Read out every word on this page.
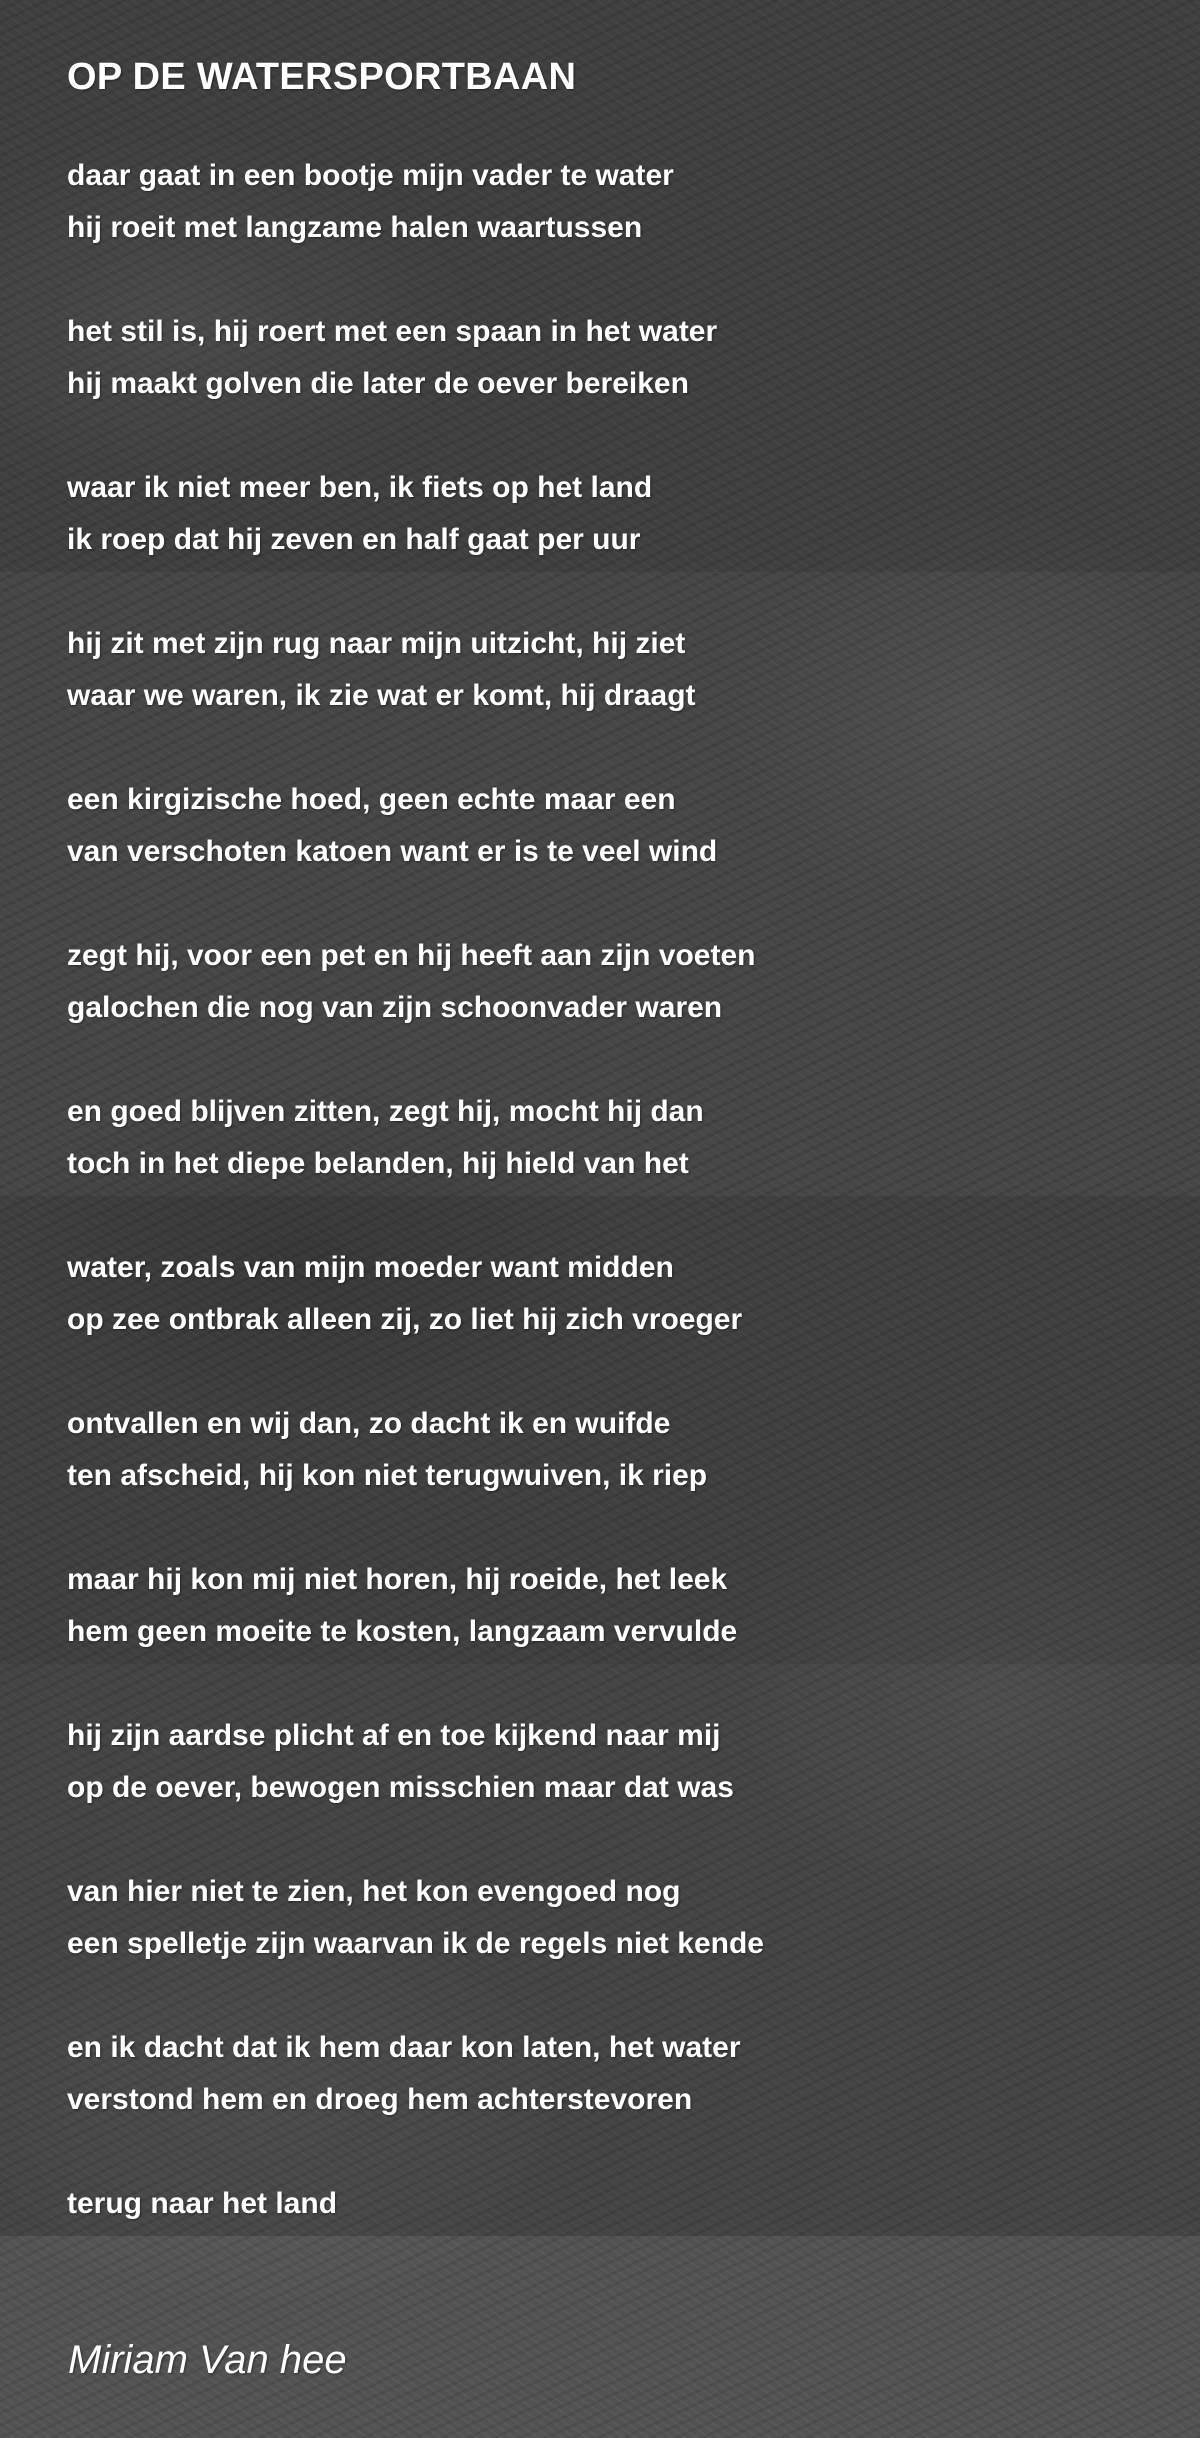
OP DE WATERSPORTBAAN
daar gaat in een bootje mijn vader te water
hij roeit met langzame halen waartussen
het stil is, hij roert met een spaan in het water
hij maakt golven die later de oever bereiken
waar ik niet meer ben, ik fiets op het land
ik roep dat hij zeven en half gaat per uur
hij zit met zijn rug naar mijn uitzicht, hij ziet
waar we waren, ik zie wat er komt, hij draagt
een kirgizische hoed, geen echte maar een
van verschoten katoen want er is te veel wind
zegt hij, voor een pet en hij heeft aan zijn voeten
galochen die nog van zijn schoonvader waren
en goed blijven zitten, zegt hij, mocht hij dan
toch in het diepe belanden, hij hield van het
water, zoals van mijn moeder want midden
op zee ontbrak alleen zij, zo liet hij zich vroeger
ontvallen en wij dan, zo dacht ik en wuifde
ten afscheid, hij kon niet terugwuiven, ik riep
maar hij kon mij niet horen, hij roeide, het leek
hem geen moeite te kosten, langzaam vervulde
hij zijn aardse plicht af en toe kijkend naar mij
op de oever, bewogen misschien maar dat was
van hier niet te zien, het kon evengoed nog
een spelletje zijn waarvan ik de regels niet kende
en ik dacht dat ik hem daar kon laten, het water
verstond hem en droeg hem achterstevoren
terug naar het land
Miriam Van hee
